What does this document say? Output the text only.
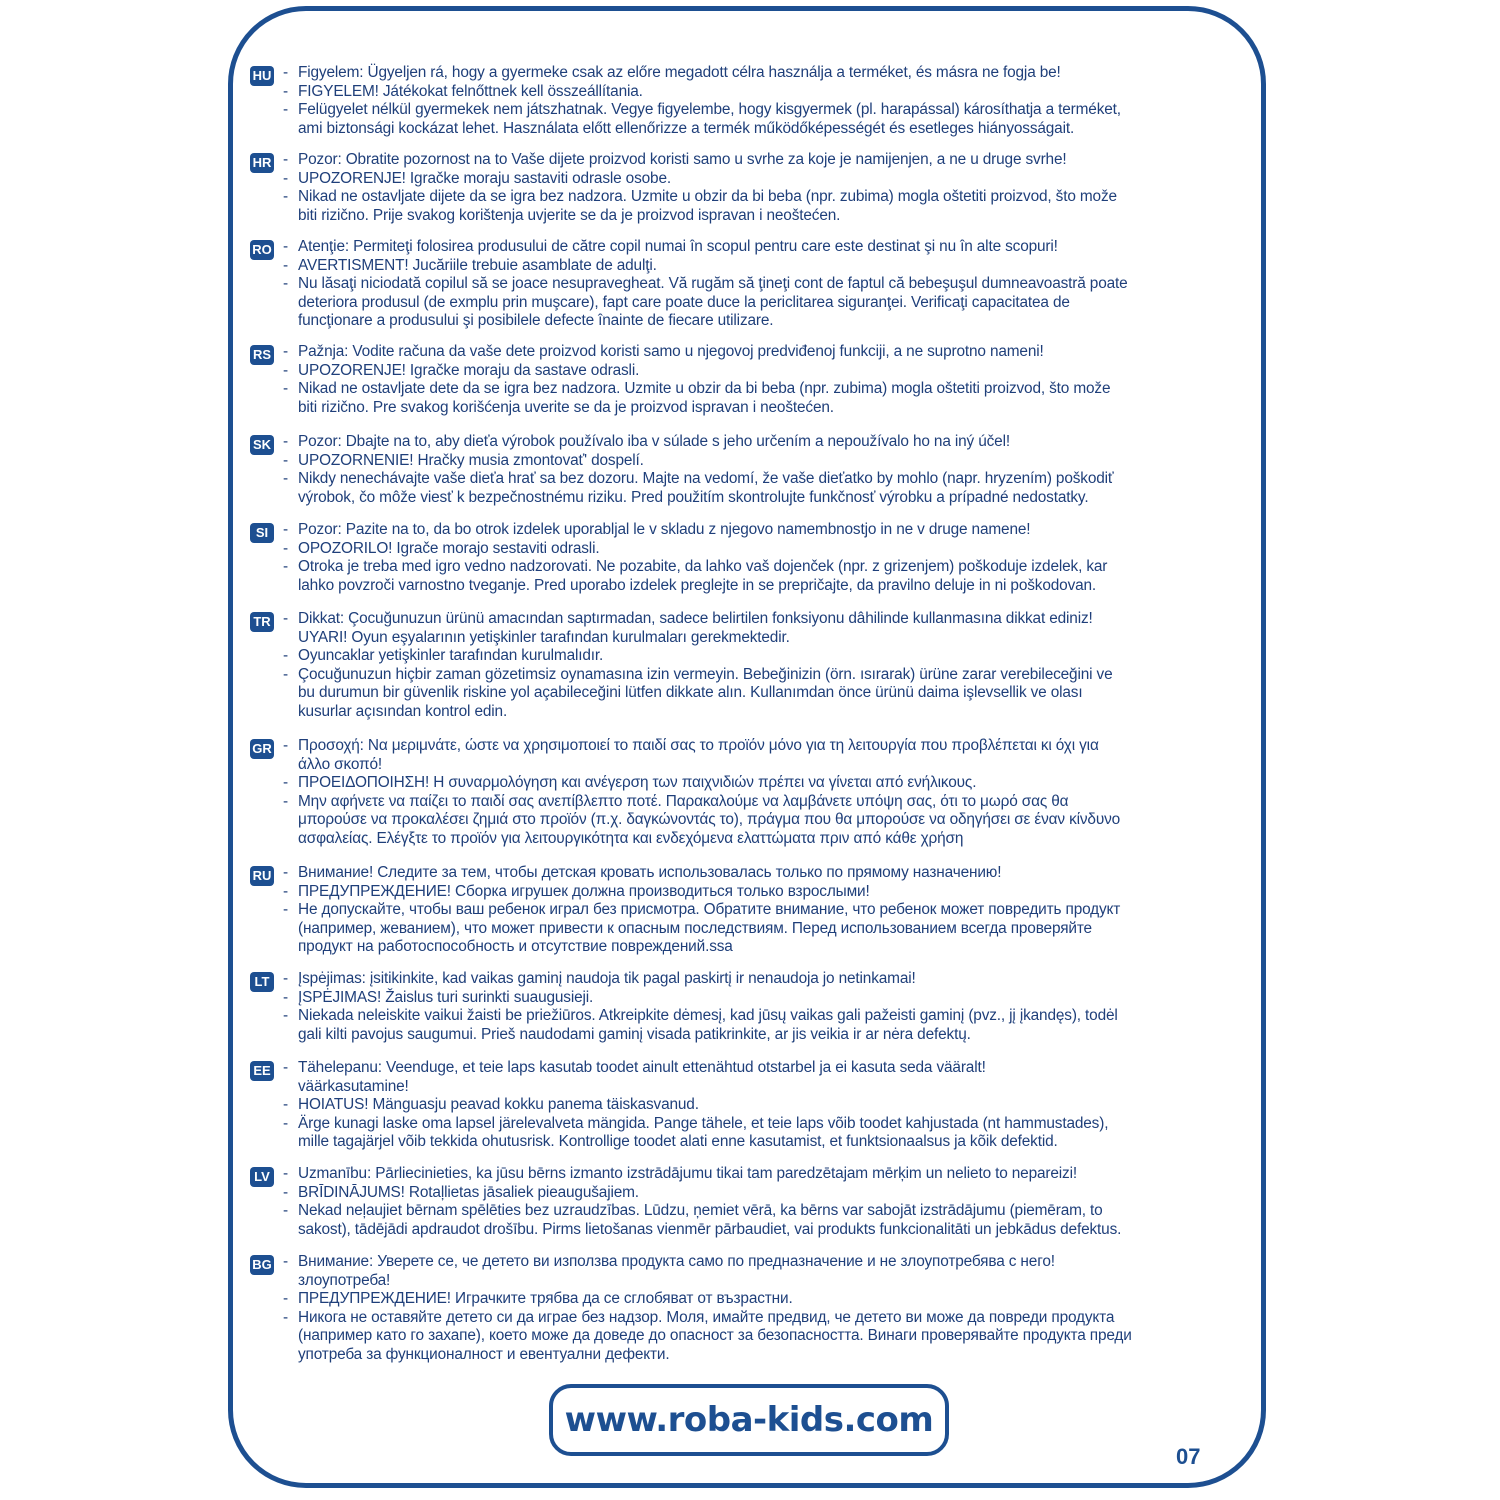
HU - Figyelem: Ügyeljen rá, hogy a gyermeke csak az előre megadott célra használja a terméket, és másra ne fogja be!
- FIGYELEM! Játékokat felnőttnek kell összeállítania.
- Felügyelet nélkül gyermekek nem játszhatnak. Vegye figyelembe, hogy kisgyermek (pl. harapással) károsíthatja a terméket,
ami biztonsági kockázat lehet. Használata előtt ellenőrizze a termék működőképességét és esetleges hiányosságait.
HR - Pozor: Obratite pozornost na to Vaše dijete proizvod koristi samo u svrhe za koje je namijenjen, a ne u druge svrhe!
- UPOZORENJE! Igračke moraju sastaviti odrasle osobe.
- Nikad ne ostavljate dijete da se igra bez nadzora. Uzmite u obzir da bi beba (npr. zubima) mogla oštetiti proizvod, što može
biti rizično. Prije svakog korištenja uvjerite se da je proizvod ispravan i neoštećen.
RO - Atenţie: Permiteţi folosirea produsului de către copil numai în scopul pentru care este destinat şi nu în alte scopuri!
- AVERTISMENT! Jucăriile trebuie asamblate de adulţi.
- Nu lăsaţi niciodată copilul să se joace nesupravegheat. Vă rugăm să ţineţi cont de faptul că bebeşuşul dumneavoastră poate
deteriora produsul (de exmplu prin muşcare), fapt care poate duce la periclitarea siguranţei. Verificaţi capacitatea de
funcţionare a produsului şi posibilele defecte înainte de fiecare utilizare.
RS - Pažnja: Vodite računa da vaše dete proizvod koristi samo u njegovoj predviđenoj funkciji, a ne suprotno nameni!
- UPOZORENJE! Igračke moraju da sastave odrasli.
- Nikad ne ostavljate dete da se igra bez nadzora. Uzmite u obzir da bi beba (npr. zubima) mogla oštetiti proizvod, što može
biti rizično. Pre svakog korišćenja uverite se da je proizvod ispravan i neoštećen.
SK - Pozor: Dbajte na to, aby dieťa výrobok používalo iba v súlade s jeho určením a nepoužívalo ho na iný účel!
- UPOZORNENIE! Hračky musia zmontovať' dospelí.
- Nikdy nenechávajte vaše dieťa hrať sa bez dozoru. Majte na vedomí, že vaše dieťatko by mohlo (napr. hryzením) poškodiť
výrobok, čo môže viesť k bezpečnostnému riziku. Pred použitím skontrolujte funkčnosť výrobku a prípadné nedostatky.
SI	- Pozor: Pazite na to, da bo otrok izdelek uporabljal le v skladu z njegovo namembnostjo in ne v druge namene!
- OPOZORILO! Igrače morajo sestaviti odrasli.
- Otroka je treba med igro vedno nadzorovati. Ne pozabite, da lahko vaš dojenček (npr. z grizenjem) poškoduje izdelek, kar
lahko povzroči varnostno tveganje. Pred uporabo izdelek preglejte in se prepričajte, da pravilno deluje in ni poškodovan.
TR - Dikkat: Çocuğunuzun ürünü amacından saptırmadan, sadece belirtilen fonksiyonu dâhilinde kullanmasına dikkat ediniz!
UYARI! Oyun eşyalarının yetişkinler tarafından kurulmaları gerekmektedir.
- Oyuncaklar yetişkinler tarafından kurulmalıdır.
- Çocuğunuzun hiçbir zaman gözetimsiz oynamasına izin vermeyin. Bebeğinizin (örn. ısırarak) ürüne zarar verebileceğini ve
bu durumun bir güvenlik riskine yol açabileceğini lütfen dikkate alın. Kullanımdan önce ürünü daima işlevsellik ve olası
kusurlar açısından kontrol edin.
GR - Προσοχή: Να μεριμνάτε, ώστε να χρησιμοποιεί το παιδί σας το προϊόν μόνο για τη λειτουργία που προβλέπεται κι όχι για
άλλο σκοπό!
- ΠΡΟΕΙΔΟΠΟΙΗΣΗ! Η συναρμολόγηση και ανέγερση των παιχνιδιών πρέπει να γίνεται από ενήλικους.
- Μην αφήνετε να παίζει το παιδί σας ανεπίβλεπτο ποτέ. Παρακαλούμε να λαμβάνετε υπόψη σας, ότι το μωρό σας θα
μπορούσε να προκαλέσει ζημιά στο προϊόν (π.χ. δαγκώνοντάς το), πράγμα που θα μπορούσε να οδηγήσει σε έναν κίνδυνο
ασφαλείας. Ελέγξτε το προϊόν για λειτουργικότητα και ενδεχόμενα ελαττώματα πριν από κάθε χρήση
RU - Внимание! Следите за тем, чтобы детская кровать использовалась только по прямому назначению!
- ПРЕДУПРЕЖДЕНИЕ! Сборка игрушек должна производиться только взрослыми!
- Не допускайте, чтобы ваш ребенок играл без присмотра. Обратите внимание, что ребенок может повредить продукт
(например, жеванием), что может привести к опасным последствиям. Перед использованием всегда проверяйте
продукт на работоспособность и отсутствие повреждений.ssa
LT - Įspėjimas: įsitikinkite, kad vaikas gaminį naudoja tik pagal paskirtį ir nenaudoja jo netinkamai!
- ĮSPĖJIMAS! Žaislus turi surinkti suaugusieji.
- Niekada neleiskite vaikui žaisti be priežiūros. Atkreipkite dėmesį, kad jūsų vaikas gali pažeisti gaminį (pvz., jį įkandęs), todėl
gali kilti pavojus saugumui. Prieš naudodami gaminį visada patikrinkite, ar jis veikia ir ar nėra defektų.
EE - Tähelepanu: Veenduge, et teie laps kasutab toodet ainult ettenähtud otstarbel ja ei kasuta seda vääralt!
väärkasutamine!
- HOIATUS! Mänguasju peavad kokku panema täiskasvanud.
- Ärge kunagi laske oma lapsel järelevalveta mängida. Pange tähele, et teie laps võib toodet kahjustada (nt hammustades),
mille tagajärjel võib tekkida ohutusrisk. Kontrollige toodet alati enne kasutamist, et funktsionaalsus ja kõik defektid.
LV - Uzmanību: Pārliecinieties, ka jūsu bērns izmanto izstrādājumu tikai tam paredzētajam mērķim un nelieto to nepareizi!
- BRĪDINĀJUMS! Rotaļlietas jāsaliek pieaugušajiem.
- Nekad neļaujiet bērnam spēlēties bez uzraudzības. Lūdzu, ņemiet vērā, ka bērns var sabojāt izstrādājumu (piemēram, to
sakost), tādējādi apdraudot drošību. Pirms lietošanas vienmēr pārbaudiet, vai produkts funkcionalitāti un jebkādus defektus.
BG - Внимание: Уверете се, че детето ви използва продукта само по предназначение и не злоупотребява с него!
злоупотреба!
- ПРЕДУПРЕЖДЕНИЕ! Играчките трябва да се сглобяват от възрастни.
- Никога не оставяйте детето си да играе без надзор. Моля, имайте предвид, че детето ви може да повреди продукта
(например като го захапе), което може да доведе до опасност за безопасността. Винаги проверявайте продукта преди
употреба за функционалност и евентуални дефекти.
www.roba-kids.com
07
